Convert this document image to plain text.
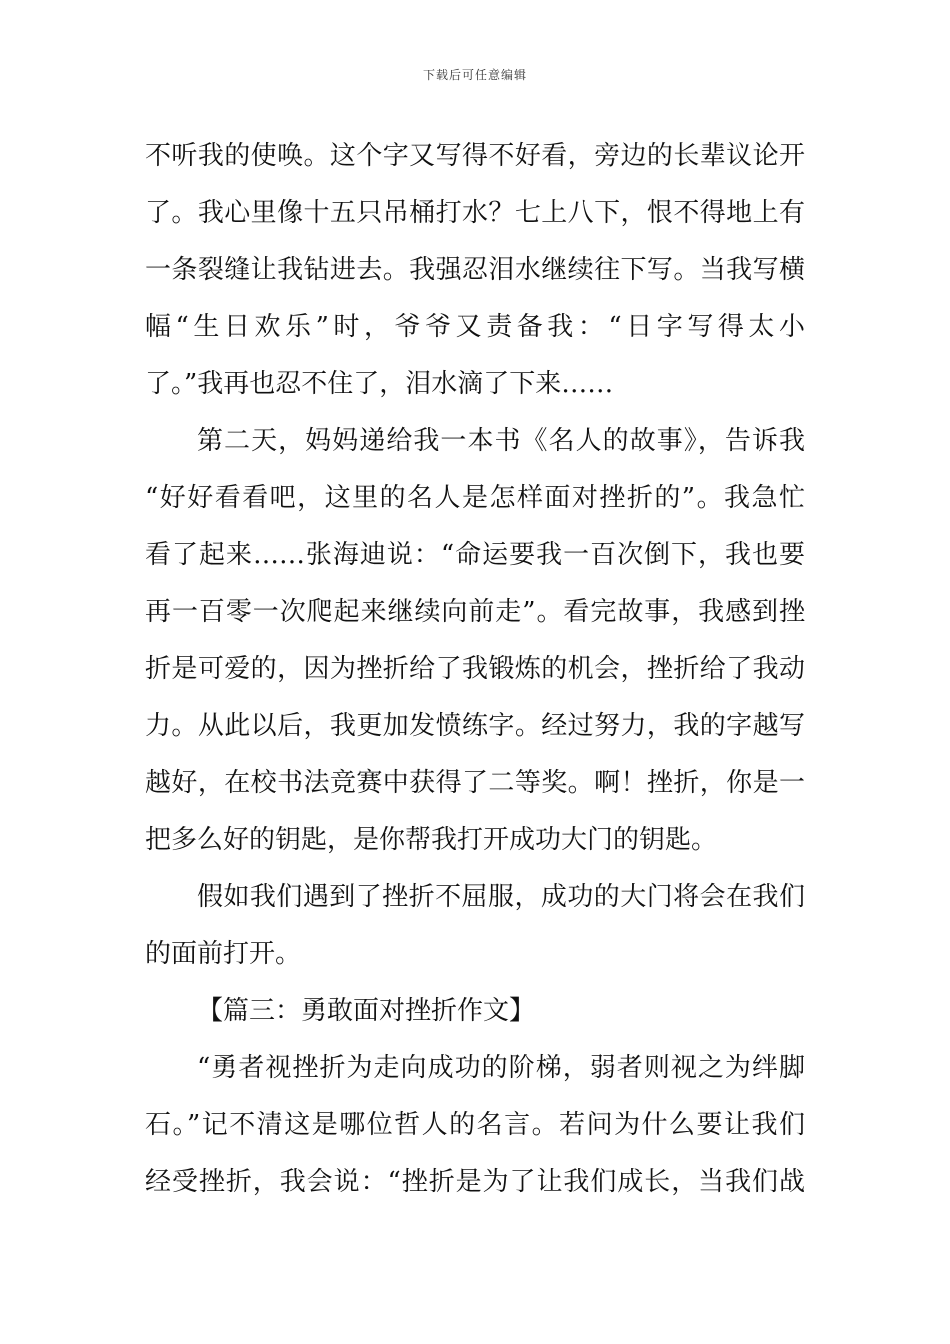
下载后可任意编辑
不听我的使唤。这个字又写得不好看，旁边的长辈议论开
了。我心里像十五只吊桶打水？七上八下，恨不得地上有
一条裂缝让我钻进去。我强忍泪水继续往下写。当我写横
幅“生日欢乐”时，爷爷又责备我：“日字写得太小
了。”我再也忍不住了，泪水滴了下来……
第二天，妈妈递给我一本书《名人的故事》，告诉我
“好好看看吧，这里的名人是怎样面对挫折的”。我急忙
看了起来……张海迪说：“命运要我一百次倒下，我也要
再一百零一次爬起来继续向前走”。看完故事，我感到挫
折是可爱的，因为挫折给了我锻炼的机会，挫折给了我动
力。从此以后，我更加发愤练字。经过努力，我的字越写
越好，在校书法竞赛中获得了二等奖。啊！挫折，你是一
把多么好的钥匙，是你帮我打开成功大门的钥匙。
假如我们遇到了挫折不屈服，成功的大门将会在我们
的面前打开。
【篇三：勇敢面对挫折作文】
“勇者视挫折为走向成功的阶梯，弱者则视之为绊脚
石。”记不清这是哪位哲人的名言。若问为什么要让我们
经受挫折，我会说：“挫折是为了让我们成长，当我们战
